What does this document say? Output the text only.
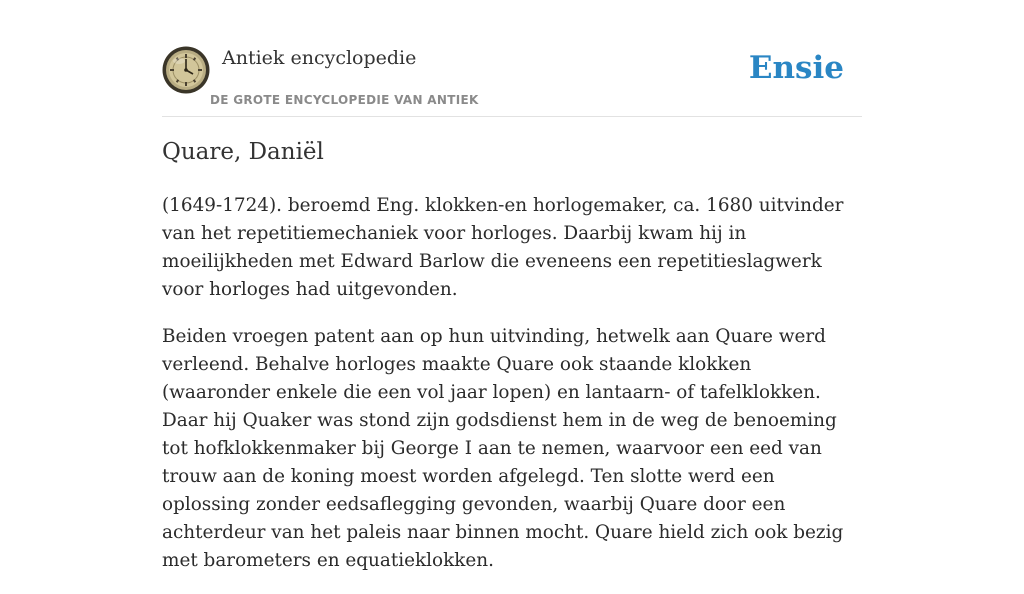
Antiek encyclopedie
DE GROTE ENCYCLOPEDIE VAN ANTIEK
Ensie
Quare, Daniël

(1649-1724). beroemd Eng. klokken-en horlogemaker, ca. 1680 uitvinder van het repetitiemechaniek voor horloges. Daarbij kwam hij in moeilijkheden met Edward Barlow die eveneens een repetitieslagwerk voor horloges had uitgevonden.

Beiden vroegen patent aan op hun uitvinding, hetwelk aan Quare werd verleend. Behalve horloges maakte Quare ook staande klokken (waaronder enkele die een vol jaar lopen) en lantaarn- of tafelklokken. Daar hij Quaker was stond zijn godsdienst hem in de weg de benoeming tot hofklokkenmaker bij George I aan te nemen, waarvoor een eed van trouw aan de koning moest worden afgelegd. Ten slotte werd een oplossing zonder eedsaflegging gevonden, waarbij Quare door een achterdeur van het paleis naar binnen mocht. Quare hield zich ook bezig met barometers en equatieklokken.
